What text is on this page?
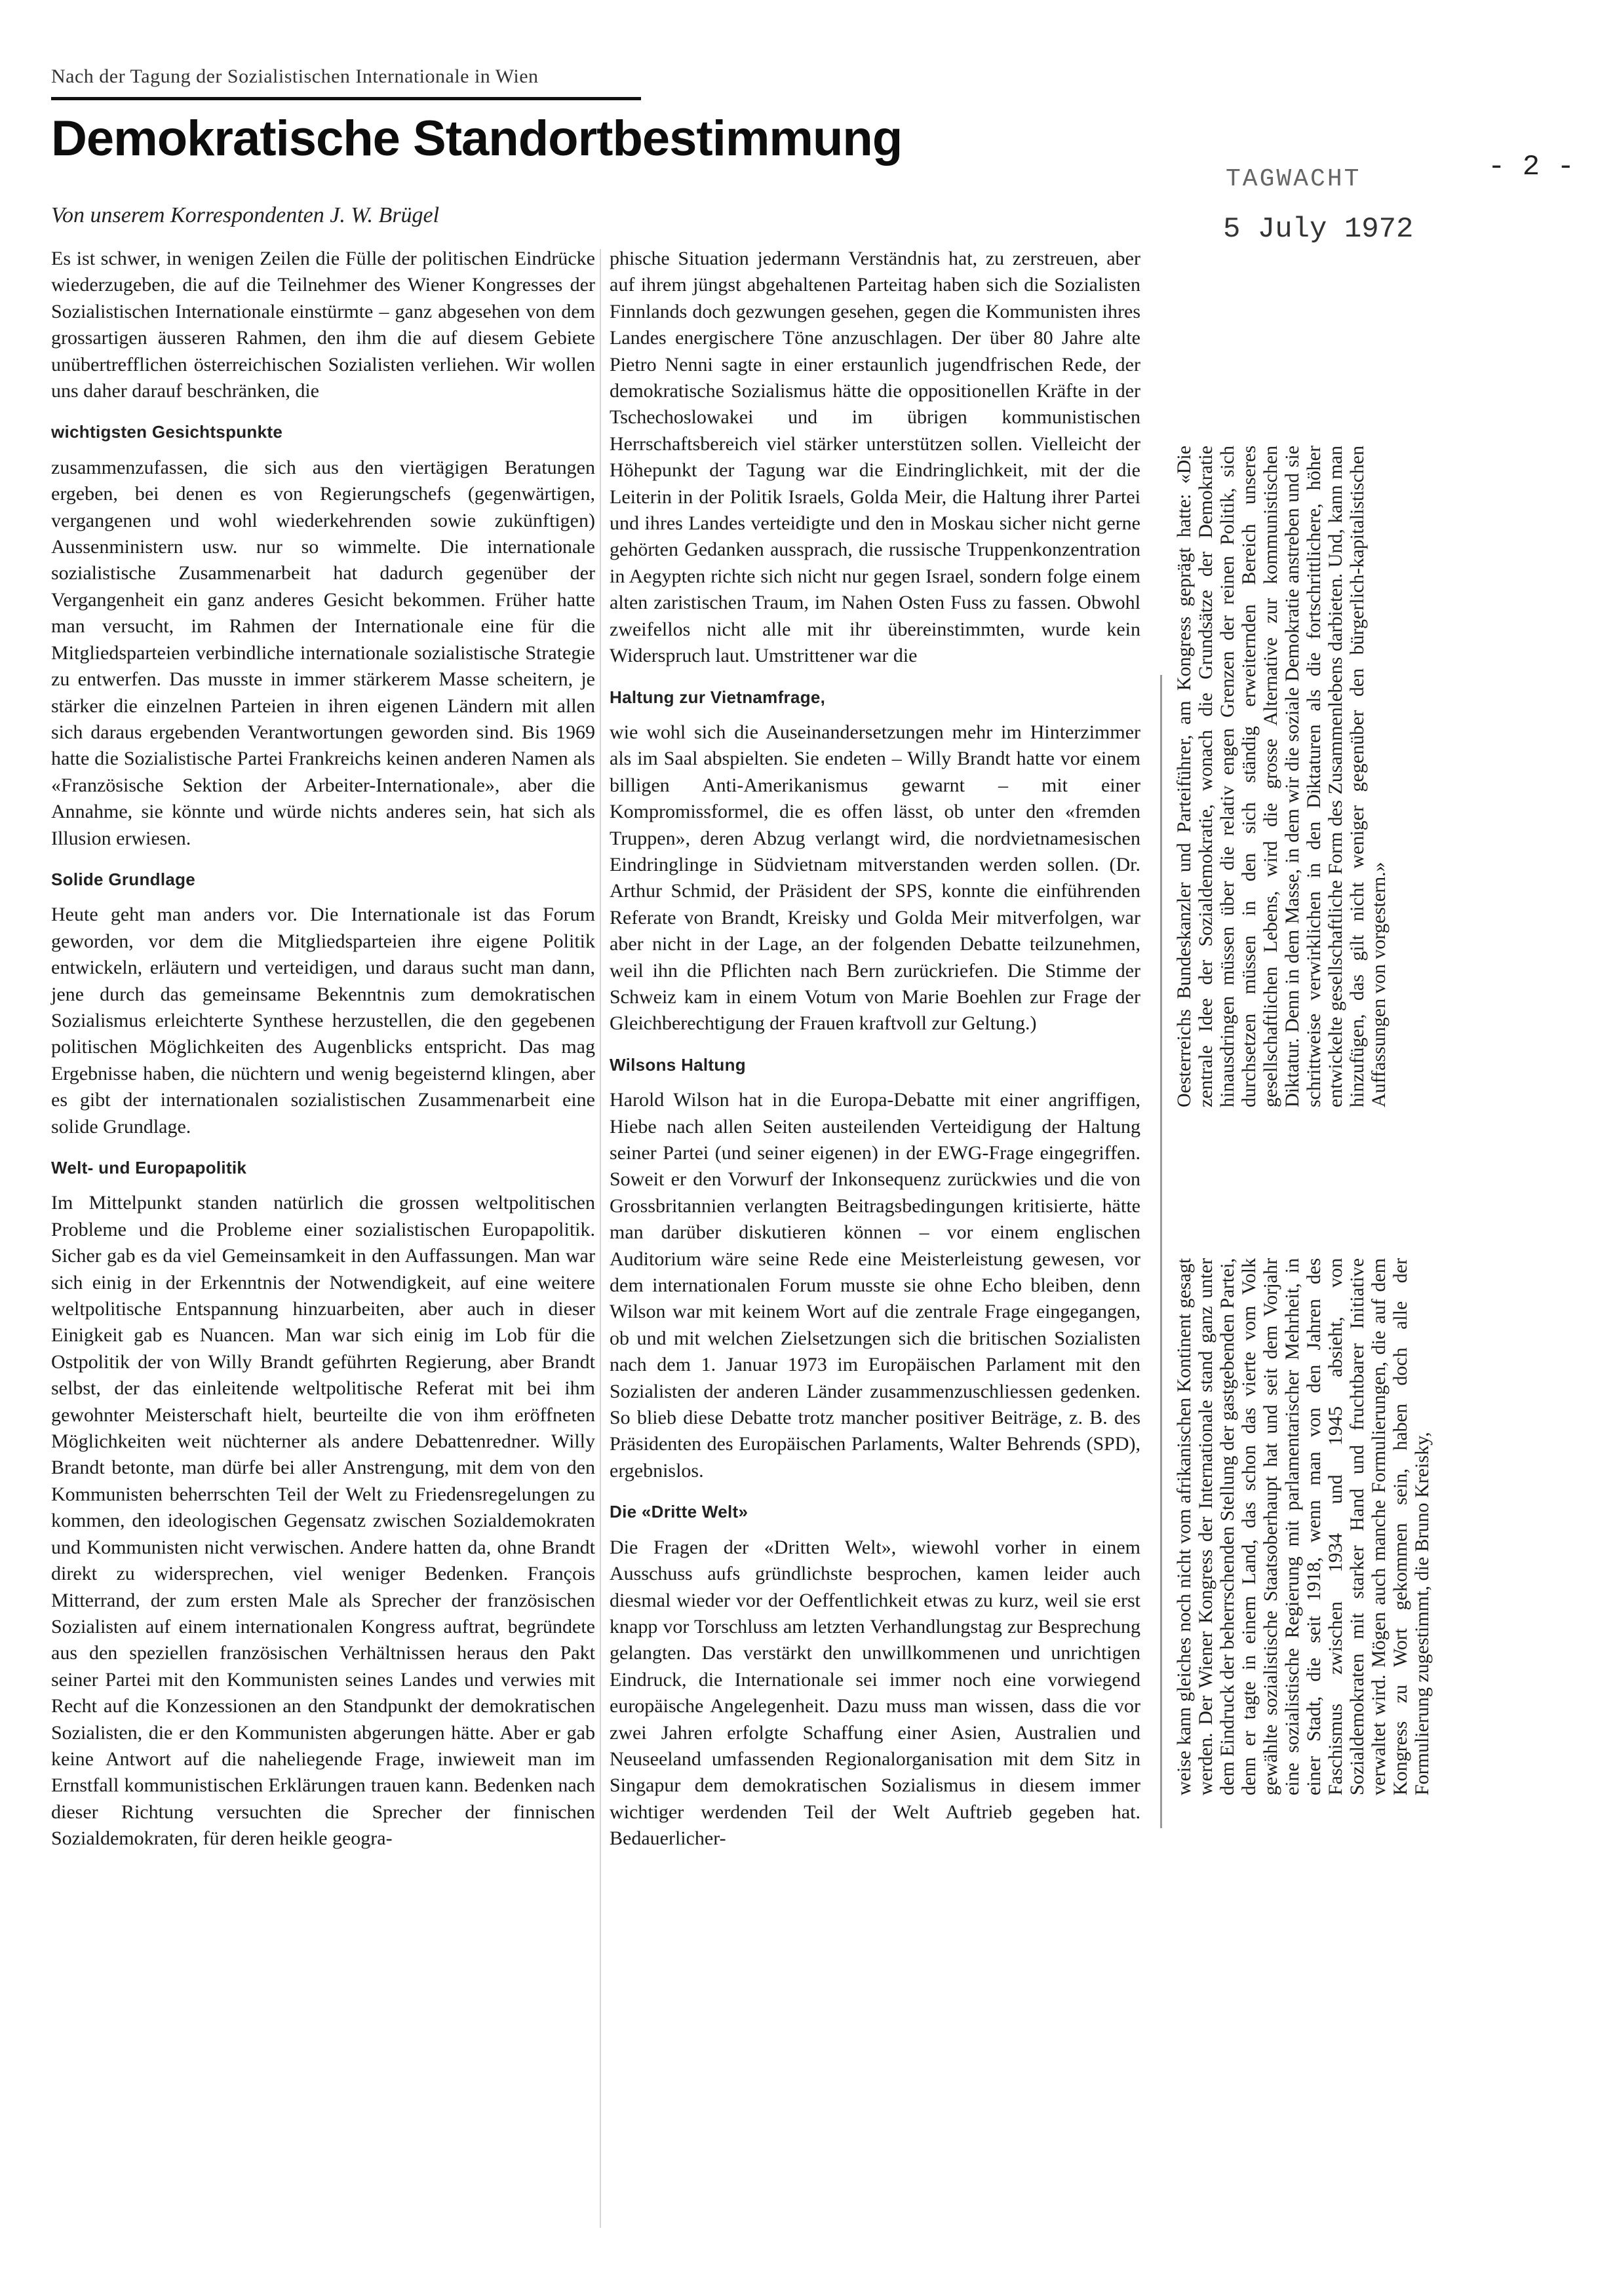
Nach der Tagung der Sozialistischen Internationale in Wien
Demokratische Standortbestimmung
Von unserem Korrespondenten J. W. Brügel
TAGWACHT	- 2 -
5 July 1972

Es ist schwer, in wenigen Zeilen die Fülle der politischen Eindrücke wiederzugeben, die auf die Teilnehmer des Wiener Kongresses der Sozialistischen Internationale einstürmte – ganz abgesehen von dem grossartigen äusseren Rahmen, den ihm die auf diesem Gebiete unübertrefflichen österreichischen Sozialisten verliehen. Wir wollen uns daher darauf beschränken, die

wichtigsten Gesichtspunkte

zusammenzufassen, die sich aus den viertägigen Beratungen ergeben, bei denen es von Regierungschefs (gegenwärtigen, vergangenen und wohl wiederkehrenden sowie zukünftigen) Aussenministern usw. nur so wimmelte. Die internationale sozialistische Zusammenarbeit hat dadurch gegenüber der Vergangenheit ein ganz anderes Gesicht bekommen. Früher hatte man versucht, im Rahmen der Internationale eine für die Mitgliedsparteien verbindliche internationale sozialistische Strategie zu entwerfen. Das musste in immer stärkerem Masse scheitern, je stärker die einzelnen Parteien in ihren eigenen Ländern mit allen sich daraus ergebenden Verantwortungen geworden sind. Bis 1969 hatte die Sozialistische Partei Frankreichs keinen anderen Namen als «Französische Sektion der Arbeiter-Internationale», aber die Annahme, sie könnte und würde nichts anderes sein, hat sich als Illusion erwiesen.

Solide Grundlage

Heute geht man anders vor. Die Internationale ist das Forum geworden, vor dem die Mitgliedsparteien ihre eigene Politik entwickeln, erläutern und verteidigen, und daraus sucht man dann, jene durch das gemeinsame Bekenntnis zum demokratischen Sozialismus erleichterte Synthese herzustellen, die den gegebenen politischen Möglichkeiten des Augenblicks entspricht. Das mag Ergebnisse haben, die nüchtern und wenig begeisternd klingen, aber es gibt der internationalen sozialistischen Zusammenarbeit eine solide Grundlage.

Welt- und Europapolitik

Im Mittelpunkt standen natürlich die grossen weltpolitischen Probleme und die Probleme einer sozialistischen Europapolitik. Sicher gab es da viel Gemeinsamkeit in den Auffassungen. Man war sich einig in der Erkenntnis der Notwendigkeit, auf eine weitere weltpolitische Entspannung hinzuarbeiten, aber auch in dieser Einigkeit gab es Nuancen. Man war sich einig im Lob für die Ostpolitik der von Willy Brandt geführten Regierung, aber Brandt selbst, der das einleitende weltpolitische Referat mit bei ihm gewohnter Meisterschaft hielt, beurteilte die von ihm eröffneten Möglichkeiten weit nüchterner als andere Debattenredner. Willy Brandt betonte, man dürfe bei aller Anstrengung, mit dem von den Kommunisten beherrschten Teil der Welt zu Friedensregelungen zu kommen, den ideologischen Gegensatz zwischen Sozialdemokraten und Kommunisten nicht verwischen. Andere hatten da, ohne Brandt direkt zu widersprechen, viel weniger Bedenken. François Mitterrand, der zum ersten Male als Sprecher der französischen Sozialisten auf einem internationalen Kongress auftrat, begründete aus den speziellen französischen Verhältnissen heraus den Pakt seiner Partei mit den Kommunisten seines Landes und verwies mit Recht auf die Konzessionen an den Standpunkt der demokratischen Sozialisten, die er den Kommunisten abgerungen hätte. Aber er gab keine Antwort auf die naheliegende Frage, inwieweit man im Ernstfall kommunistischen Erklärungen trauen kann. Bedenken nach dieser Richtung versuchten die Sprecher der finnischen Sozialdemokraten, für deren heikle geogra-

phische Situation jedermann Verständnis hat, zu zerstreuen, aber auf ihrem jüngst abgehaltenen Parteitag haben sich die Sozialisten Finnlands doch gezwungen gesehen, gegen die Kommunisten ihres Landes energischere Töne anzuschlagen. Der über 80 Jahre alte Pietro Nenni sagte in einer erstaunlich jugendfrischen Rede, der demokratische Sozialismus hätte die oppositionellen Kräfte in der Tschechoslowakei und im übrigen kommunistischen Herrschaftsbereich viel stärker unterstützen sollen. Vielleicht der Höhepunkt der Tagung war die Eindringlichkeit, mit der die Leiterin in der Politik Israels, Golda Meir, die Haltung ihrer Partei und ihres Landes verteidigte und den in Moskau sicher nicht gerne gehörten Gedanken aussprach, die russische Truppenkonzentration in Aegypten richte sich nicht nur gegen Israel, sondern folge einem alten zaristischen Traum, im Nahen Osten Fuss zu fassen. Obwohl zweifellos nicht alle mit ihr übereinstimmten, wurde kein Widerspruch laut. Umstrittener war die

Haltung zur Vietnamfrage,

wie wohl sich die Auseinandersetzungen mehr im Hinterzimmer als im Saal abspielten. Sie endeten – Willy Brandt hatte vor einem billigen Anti-Amerikanismus gewarnt – mit einer Kompromissformel, die es offen lässt, ob unter den «fremden Truppen», deren Abzug verlangt wird, die nordvietnamesischen Eindringlinge in Südvietnam mitverstanden werden sollen. (Dr. Arthur Schmid, der Präsident der SPS, konnte die einführenden Referate von Brandt, Kreisky und Golda Meir mitverfolgen, war aber nicht in der Lage, an der folgenden Debatte teilzunehmen, weil ihn die Pflichten nach Bern zurückriefen. Die Stimme der Schweiz kam in einem Votum von Marie Boehlen zur Frage der Gleichberechtigung der Frauen kraftvoll zur Geltung.)

Wilsons Haltung

Harold Wilson hat in die Europa-Debatte mit einer angriffigen, Hiebe nach allen Seiten austeilenden Verteidigung der Haltung seiner Partei (und seiner eigenen) in der EWG-Frage eingegriffen. Soweit er den Vorwurf der Inkonsequenz zurückwies und die von Grossbritannien verlangten Beitragsbedingungen kritisierte, hätte man darüber diskutieren können – vor einem englischen Auditorium wäre seine Rede eine Meisterleistung gewesen, vor dem internationalen Forum musste sie ohne Echo bleiben, denn Wilson war mit keinem Wort auf die zentrale Frage eingegangen, ob und mit welchen Zielsetzungen sich die britischen Sozialisten nach dem 1. Januar 1973 im Europäischen Parlament mit den Sozialisten der anderen Länder zusammenzuschliessen gedenken. So blieb diese Debatte trotz mancher positiver Beiträge, z. B. des Präsidenten des Europäischen Parlaments, Walter Behrends (SPD), ergebnislos.

Die «Dritte Welt»

Die Fragen der «Dritten Welt», wiewohl vorher in einem Ausschuss aufs gründlichste besprochen, kamen leider auch diesmal wieder vor der Oeffentlichkeit etwas zu kurz, weil sie erst knapp vor Torschluss am letzten Verhandlungstag zur Besprechung gelangten. Das verstärkt den unwillkommenen und unrichtigen Eindruck, die Internationale sei immer noch eine vorwiegend europäische Angelegenheit. Dazu muss man wissen, dass die vor zwei Jahren erfolgte Schaffung einer Asien, Australien und Neuseeland umfassenden Regionalorganisation mit dem Sitz in Singapur dem demokratischen Sozialismus in diesem immer wichtiger werdenden Teil der Welt Auftrieb gegeben hat. Bedauerlicher-

Oesterreichs Bundeskanzler und Parteiführer, am Kongress geprägt hatte: «Die zentrale Idee der Sozialdemokratie, wonach die Grundsätze der Demokratie hinausdringen müssen über die relativ engen Grenzen der reinen Politik, sich durchsetzen müssen in den sich ständig erweiternden Bereich unseres gesellschaftlichen Lebens, wird die grosse Alternative zur kommunistischen Diktatur. Denn in dem Masse, in dem wir die soziale Demokratie anstreben und sie schrittweise verwirklichen in den Diktaturen als die fortschrittlichere, höher entwickelte gesellschaftliche Form des Zusammenlebens darbieten. Und, kann man hinzufügen, das gilt nicht weniger gegenüber den bürgerlich-kapitalistischen Auffassungen von vorgestern.»

weise kann gleiches noch nicht vom afrikanischen Kontinent gesagt werden. Der Wiener Kongress der Internationale stand ganz unter dem Eindruck der beherrschenden Stellung der gastgebenden Partei, denn er tagte in einem Land, das schon das vierte vom Volk gewählte sozialistische Staatsoberhaupt hat und seit dem Vorjahr eine sozialistische Regierung mit parlamentarischer Mehrheit, in einer Stadt, die seit 1918, wenn man von den Jahren des Faschismus zwischen 1934 und 1945 absieht, von Sozialdemokraten mit starker Hand und fruchtbarer Initiative verwaltet wird. Mögen auch manche Formulierungen, die auf dem Kongress zu Wort gekommen sein, haben doch alle der Formulierung zugestimmt, die Bruno Kreisky,
